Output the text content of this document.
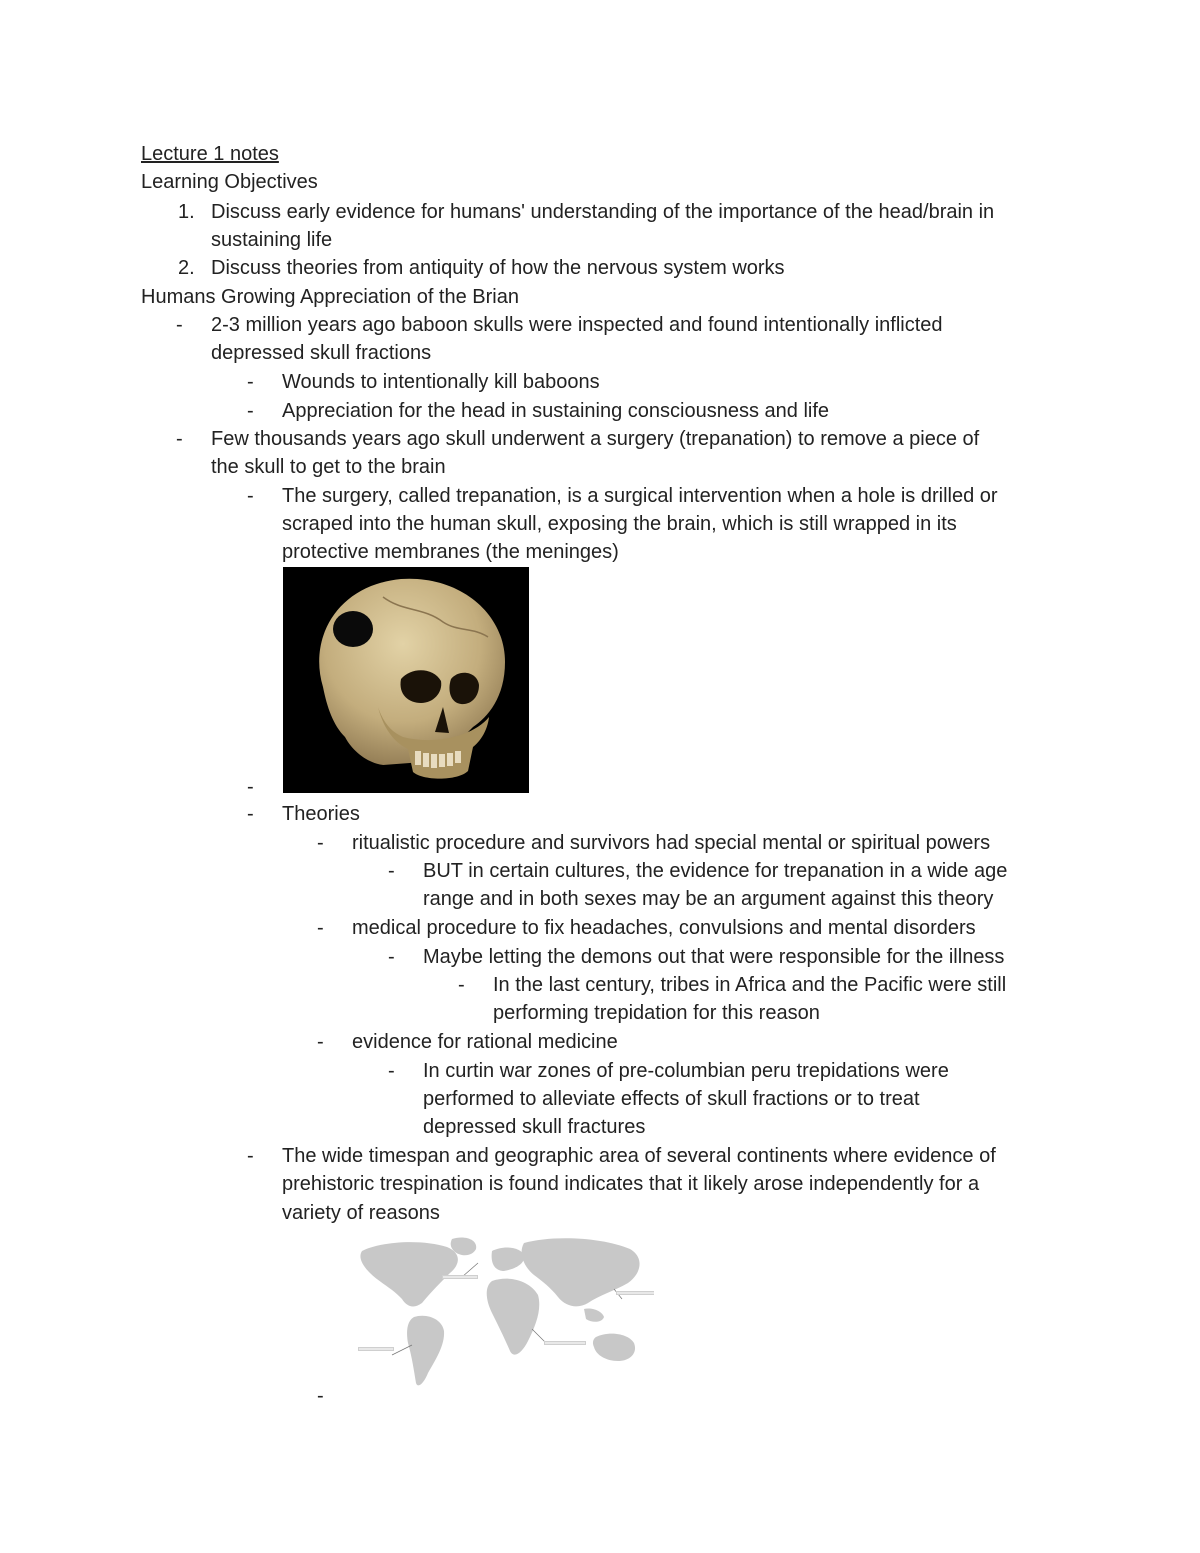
Lecture 1 notes
Learning Objectives
1. Discuss early evidence for humans' understanding of the importance of the head/brain in
sustaining life
2. Discuss theories from antiquity of how the nervous system works
Humans Growing Appreciation of the Brian
- 2-3 million years ago baboon skulls were inspected and found intentionally inflicted
depressed skull fractions
- Wounds to intentionally kill baboons
- Appreciation for the head in sustaining consciousness and life
- Few thousands years ago skull underwent a surgery (trepanation) to remove a piece of
the skull to get to the brain
- The surgery, called trepanation, is a surgical intervention when a hole is drilled or
scraped into the human skull, exposing the brain, which is still wrapped in its
protective membranes (the meninges)
-
- Theories
- ritualistic procedure and survivors had special mental or spiritual powers
- BUT in certain cultures, the evidence for trepanation in a wide age
range and in both sexes may be an argument against this theory
- medical procedure to fix headaches, convulsions and mental disorders
- Maybe letting the demons out that were responsible for the illness
- In the last century, tribes in Africa and the Pacific were still
performing trepidation for this reason
- evidence for rational medicine
- In curtin war zones of pre-columbian peru trepidations were
performed to alleviate effects of skull fractions or to treat
depressed skull fractures
- The wide timespan and geographic area of several continents where evidence of
prehistoric trespination is found indicates that it likely arose independently for a
variety of reasons
-
